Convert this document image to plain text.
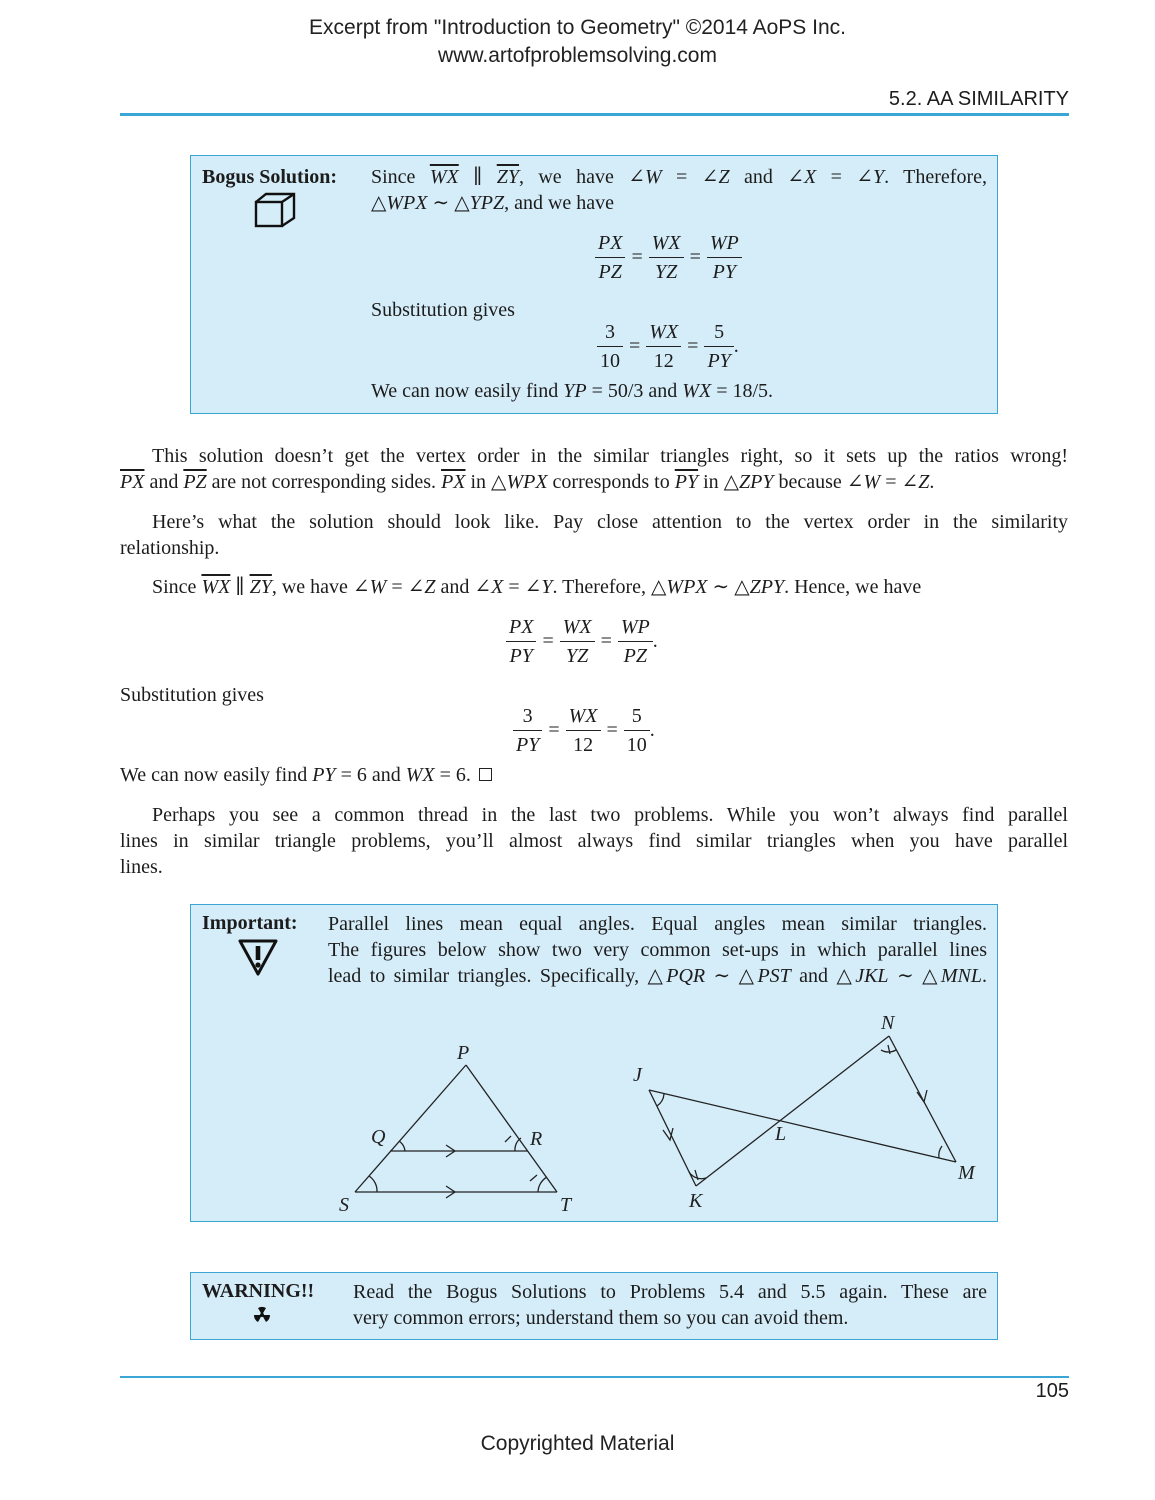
Excerpt from "Introduction to Geometry" ©2014 AoPS Inc.
www.artofproblemsolving.com
5.2. AA SIMILARITY
Bogus Solution: Since $\overline{WX}$ ∥ $\overline{ZY}$, we have ∠W = ∠Z and ∠X = ∠Y. Therefore,
△WPX ∼ △YPZ, and we have
$\frac{PX}{PZ} = \frac{WX}{YZ} = \frac{WP}{PY}$
Substitution gives
$\frac{3}{10} = \frac{WX}{12} = \frac{5}{PY}$ .
We can now easily find YP = 50/3 and WX = 18/5.
This solution doesn’t get the vertex order in the similar triangles right, so it sets up the ratios wrong!
$\overline{PX}$ and $\overline{PZ}$ are not corresponding sides. $\overline{PX}$ in △WPX corresponds to $\overline{PY}$ in △ZPY because ∠W = ∠Z.
Here’s what the solution should look like. Pay close attention to the vertex order in the similarity
relationship.
Since $\overline{WX}$ ∥ $\overline{ZY}$, we have ∠W = ∠Z and ∠X = ∠Y. Therefore, △WPX ∼ △ZPY. Hence, we have
$\frac{PX}{PY} = \frac{WX}{YZ} = \frac{WP}{PZ}$ .
Substitution gives
$\frac{3}{PY} = \frac{WX}{12} = \frac{5}{10}$ .
We can now easily find PY = 6 and WX = 6.
Perhaps you see a common thread in the last two problems. While you won’t always find parallel
lines in similar triangle problems, you’ll almost always find similar triangles when you have parallel
lines.
Important: Parallel lines mean equal angles. Equal angles mean similar triangles.
The figures below show two very common set-ups in which parallel lines
lead to similar triangles. Specifically, △PQR ∼ △PST and △JKL ∼ △MNL.
P
Q	R
S	T
J
K
L
M
N
WARNING!! Read the Bogus Solutions to Problems 5.4 and 5.5 again. These are
very common errors; understand them so you can avoid them.
105
Copyrighted Material
